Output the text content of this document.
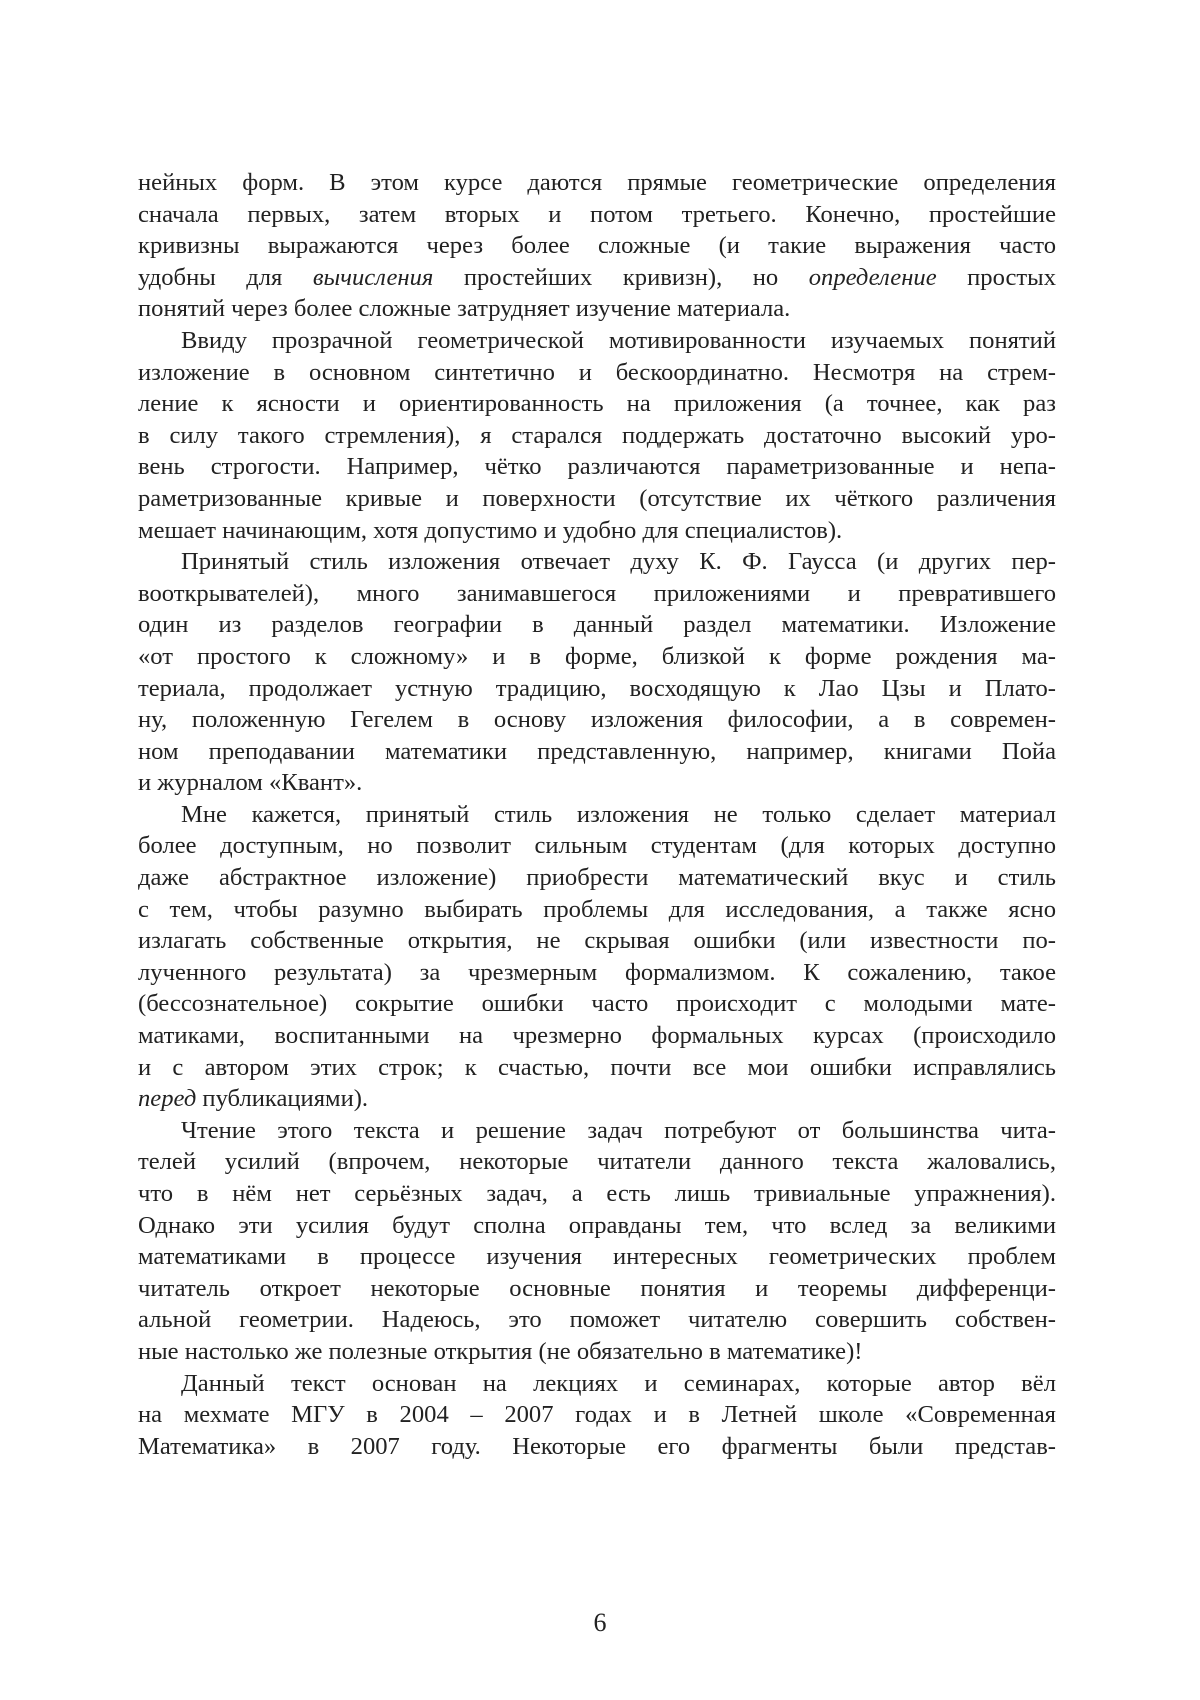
нейных форм. В этом курсе даются прямые геометрические определения
сначала первых, затем вторых и потом третьего. Конечно, простейшие
кривизны выражаются через более сложные (и такие выражения часто
удобны для вычисления простейших кривизн), но определение простых
понятий через более сложные затрудняет изучение материала.
Ввиду прозрачной геометрической мотивированности изучаемых понятий
изложение в основном синтетично и бескоординатно. Несмотря на стрем-
ление к ясности и ориентированность на приложения (а точнее, как раз
в силу такого стремления), я старался поддержать достаточно высокий уро-
вень строгости. Например, чётко различаются параметризованные и непа-
раметризованные кривые и поверхности (отсутствие их чёткого различения
мешает начинающим, хотя допустимо и удобно для специалистов).
Принятый стиль изложения отвечает духу К. Ф. Гаусса (и других пер-
вооткрывателей), много занимавшегося приложениями и превратившего
один из разделов географии в данный раздел математики. Изложение
«от простого к сложному» и в форме, близкой к форме рождения ма-
териала, продолжает устную традицию, восходящую к Лао Цзы и Плато-
ну, положенную Гегелем в основу изложения философии, а в современ-
ном преподавании математики представленную, например, книгами Пойа
и журналом «Квант».
Мне кажется, принятый стиль изложения не только сделает материал
более доступным, но позволит сильным студентам (для которых доступно
даже абстрактное изложение) приобрести математический вкус и стиль
с тем, чтобы разумно выбирать проблемы для исследования, а также ясно
излагать собственные открытия, не скрывая ошибки (или известности по-
лученного результата) за чрезмерным формализмом. К сожалению, такое
(бессознательное) сокрытие ошибки часто происходит с молодыми мате-
матиками, воспитанными на чрезмерно формальных курсах (происходило
и с автором этих строк; к счастью, почти все мои ошибки исправлялись
перед публикациями).
Чтение этого текста и решение задач потребуют от большинства чита-
телей усилий (впрочем, некоторые читатели данного текста жаловались,
что в нём нет серьёзных задач, а есть лишь тривиальные упражнения).
Однако эти усилия будут сполна оправданы тем, что вслед за великими
математиками в процессе изучения интересных геометрических проблем
читатель откроет некоторые основные понятия и теоремы дифференци-
альной геометрии. Надеюсь, это поможет читателю совершить собствен-
ные настолько же полезные открытия (не обязательно в математике)!
Данный текст основан на лекциях и семинарах, которые автор вёл
на мехмате МГУ в 2004 – 2007 годах и в Летней школе «Современная
Математика» в 2007 году. Некоторые его фрагменты были представ-
6
